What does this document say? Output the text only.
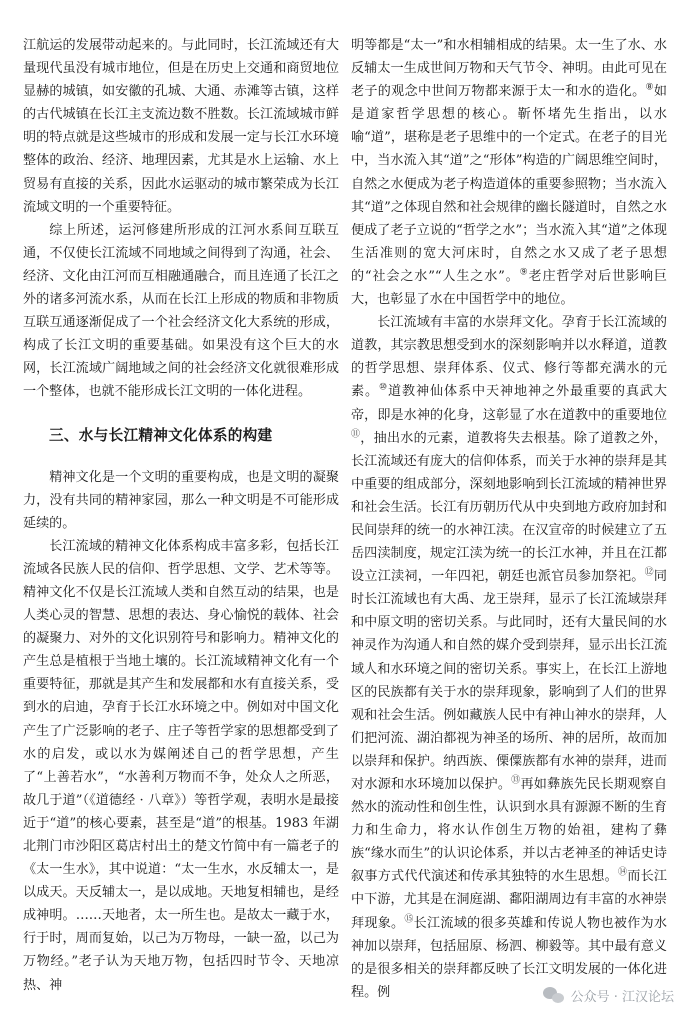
江航运的发展带动起来的。与此同时，长江流域还有大量现代虽没有城市地位，但是在历史上交通和商贸地位显赫的城镇，如安徽的孔城、大通、赤滩等古镇，这样的古代城镇在长江主支流边数不胜数。长江流域城市鲜明的特点就是这些城市的形成和发展一定与长江水环境整体的政治、经济、地理因素，尤其是水上运输、水上贸易有直接的关系，因此水运驱动的城市繁荣成为长江流域文明的一个重要特征。

综上所述，运河修建所形成的江河水系间互联互通，不仅使长江流域不同地域之间得到了沟通，社会、经济、文化由江河而互相融通融合，而且连通了长江之外的诸多河流水系，从而在长江上形成的物质和非物质互联互通逐渐促成了一个社会经济文化大系统的形成，构成了长江文明的重要基础。如果没有这个巨大的水网，长江流域广阔地域之间的社会经济文化就很难形成一个整体，也就不能形成长江文明的一体化进程。

三、水与长江精神文化体系的构建

精神文化是一个文明的重要构成，也是文明的凝聚力，没有共同的精神家园，那么一种文明是不可能形成延续的。

长江流域的精神文化体系构成丰富多彩，包括长江流域各民族人民的信仰、哲学思想、文学、艺术等等。精神文化不仅是长江流域人类和自然互动的结果，也是人类心灵的智慧、思想的表达、身心愉悦的载体、社会的凝聚力、对外的文化识别符号和影响力。精神文化的产生总是植根于当地土壤的。长江流域精神文化有一个重要特征，那就是其产生和发展都和水有直接关系，受到水的启迪，孕育于长江水环境之中。例如对中国文化产生了广泛影响的老子、庄子等哲学家的思想都受到了水的启发，或以水为媒阐述自己的哲学思想，产生了“上善若水”，“水善利万物而不争，处众人之所恶，故几于道”（《道德经 · 八章》）等哲学观，表明水是最接近于“道”的核心要素，甚至是“道”的根基。1983 年湖北荆门市沙阳区葛店村出土的楚文竹简中有一篇老子的《太一生水》，其中说道：“太一生水，水反辅太一，是以成天。天反辅太一，是以成地。天地复相辅也，是经成神明。……天地者，太一所生也。是故太一藏于水，行于时，周而复始，以己为万物母，一缺一盈，以己为万物经。”老子认为天地万物，包括四时节令、天地凉热、神

明等都是“太一”和水相辅相成的结果。太一生了水、水反辅太一生成世间万物和天气节令、神明。由此可见在老子的观念中世间万物都来源于太一和水的造化。⑧如是道家哲学思想的核心。靳怀堵先生指出，以水喻“道”，堪称是老子思维中的一个定式。在老子的目光中，当水流入其“道”之“形体”构造的广阔思维空间时，自然之水便成为老子构造道体的重要参照物；当水流入其“道”之体现自然和社会规律的幽长隧道时，自然之水便成了老子立说的“哲学之水”；当水流入其“道”之体现生活准则的宽大河床时，自然之水又成了老子思想的“社会之水”“人生之水”。⑨老庄哲学对后世影响巨大，也彰显了水在中国哲学中的地位。

长江流域有丰富的水崇拜文化。孕育于长江流域的道教，其宗教思想受到水的深刻影响并以水释道，道教的哲学思想、崇拜体系、仪式、修行等都充满水的元素。⑩道教神仙体系中天神地神之外最重要的真武大帝，即是水神的化身，这彰显了水在道教中的重要地位⑪，抽出水的元素，道教将失去根基。除了道教之外，长江流域还有庞大的信仰体系，而关于水神的崇拜是其中重要的组成部分，深刻地影响到长江流域的精神世界和社会生活。长江有历朝历代从中央到地方政府加封和民间崇拜的统一的水神江渎。在汉宣帝的时候建立了五岳四渎制度，规定江渎为统一的长江水神，并且在江都设立江渎祠，一年四祀，朝廷也派官员参加祭祀。⑫同时长江流域也有大禹、龙王崇拜，显示了长江流域崇拜和中原文明的密切关系。与此同时，还有大量民间的水神灵作为沟通人和自然的媒介受到崇拜，显示出长江流域人和水环境之间的密切关系。事实上，在长江上游地区的民族都有关于水的崇拜现象，影响到了人们的世界观和社会生活。例如藏族人民中有神山神水的崇拜，人们把河流、湖泊都视为神圣的场所、神的居所，故而加以崇拜和保护。纳西族、傈僳族都有水神的崇拜，进而对水源和水环境加以保护。⑬再如彝族先民长期观察自然水的流动性和创生性，认识到水具有源源不断的生育力和生命力，将水认作创生万物的始祖，建构了彝族“缘水而生”的认识论体系，并以古老神圣的神话史诗叙事方式代代演述和传承其独特的水生思想。⑭而长江中下游，尤其是在洞庭湖、鄱阳湖周边有丰富的水神崇拜现象。⑮长江流域的很多英雄和传说人物也被作为水神加以崇拜，包括屈原、杨泗、柳毅等。其中最有意义的是很多相关的崇拜都反映了长江文明发展的一体化进程。例	公众号 · 江汉论坛
